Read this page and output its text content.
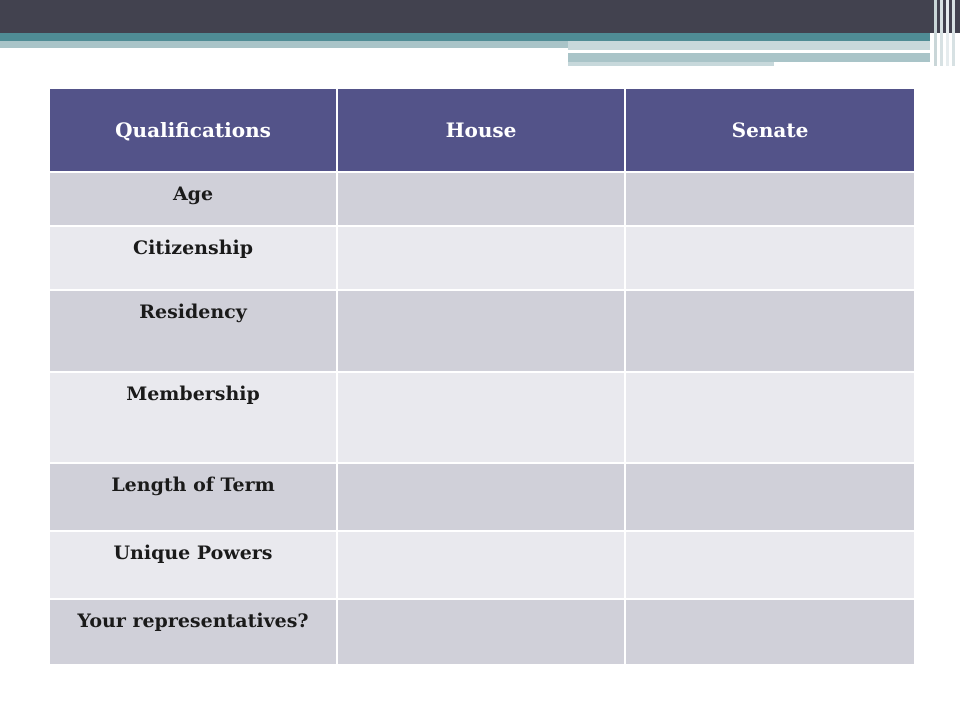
Qualifications	House	Senate
Age		
Citizenship		
Residency		
Membership		
Length of Term		
Unique Powers		
Your representatives?		
